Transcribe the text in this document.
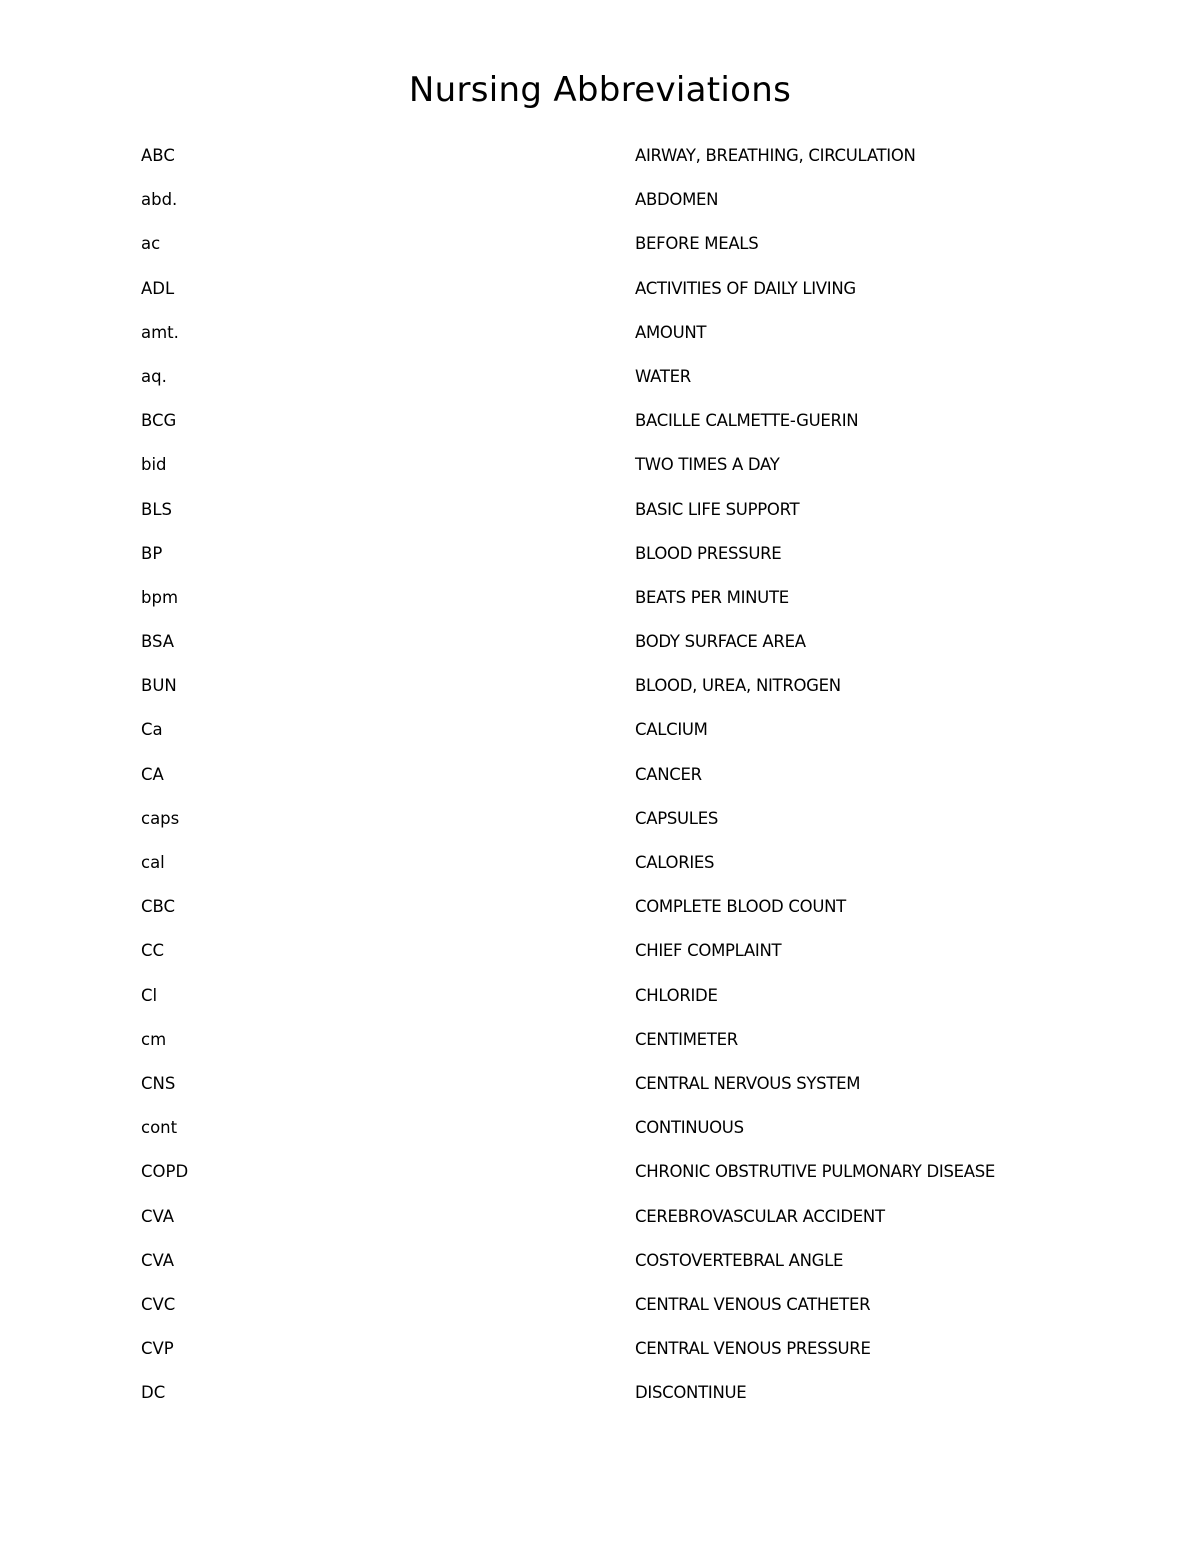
Nursing Abbreviations
ABC	AIRWAY, BREATHING, CIRCULATION
abd.	ABDOMEN
ac	BEFORE MEALS
ADL	ACTIVITIES OF DAILY LIVING
amt.	AMOUNT
aq.	WATER
BCG	BACILLE CALMETTE-GUERIN
bid	TWO TIMES A DAY
BLS	BASIC LIFE SUPPORT
BP	BLOOD PRESSURE
bpm	BEATS PER MINUTE
BSA	BODY SURFACE AREA
BUN	BLOOD, UREA, NITROGEN
Ca	CALCIUM
CA	CANCER
caps	CAPSULES
cal	CALORIES
CBC	COMPLETE BLOOD COUNT
CC	CHIEF COMPLAINT
Cl	CHLORIDE
cm	CENTIMETER
CNS	CENTRAL NERVOUS SYSTEM
cont	CONTINUOUS
COPD	CHRONIC OBSTRUTIVE PULMONARY DISEASE
CVA	CEREBROVASCULAR ACCIDENT
CVA	COSTOVERTEBRAL ANGLE
CVC	CENTRAL VENOUS CATHETER
CVP	CENTRAL VENOUS PRESSURE
DC	DISCONTINUE
